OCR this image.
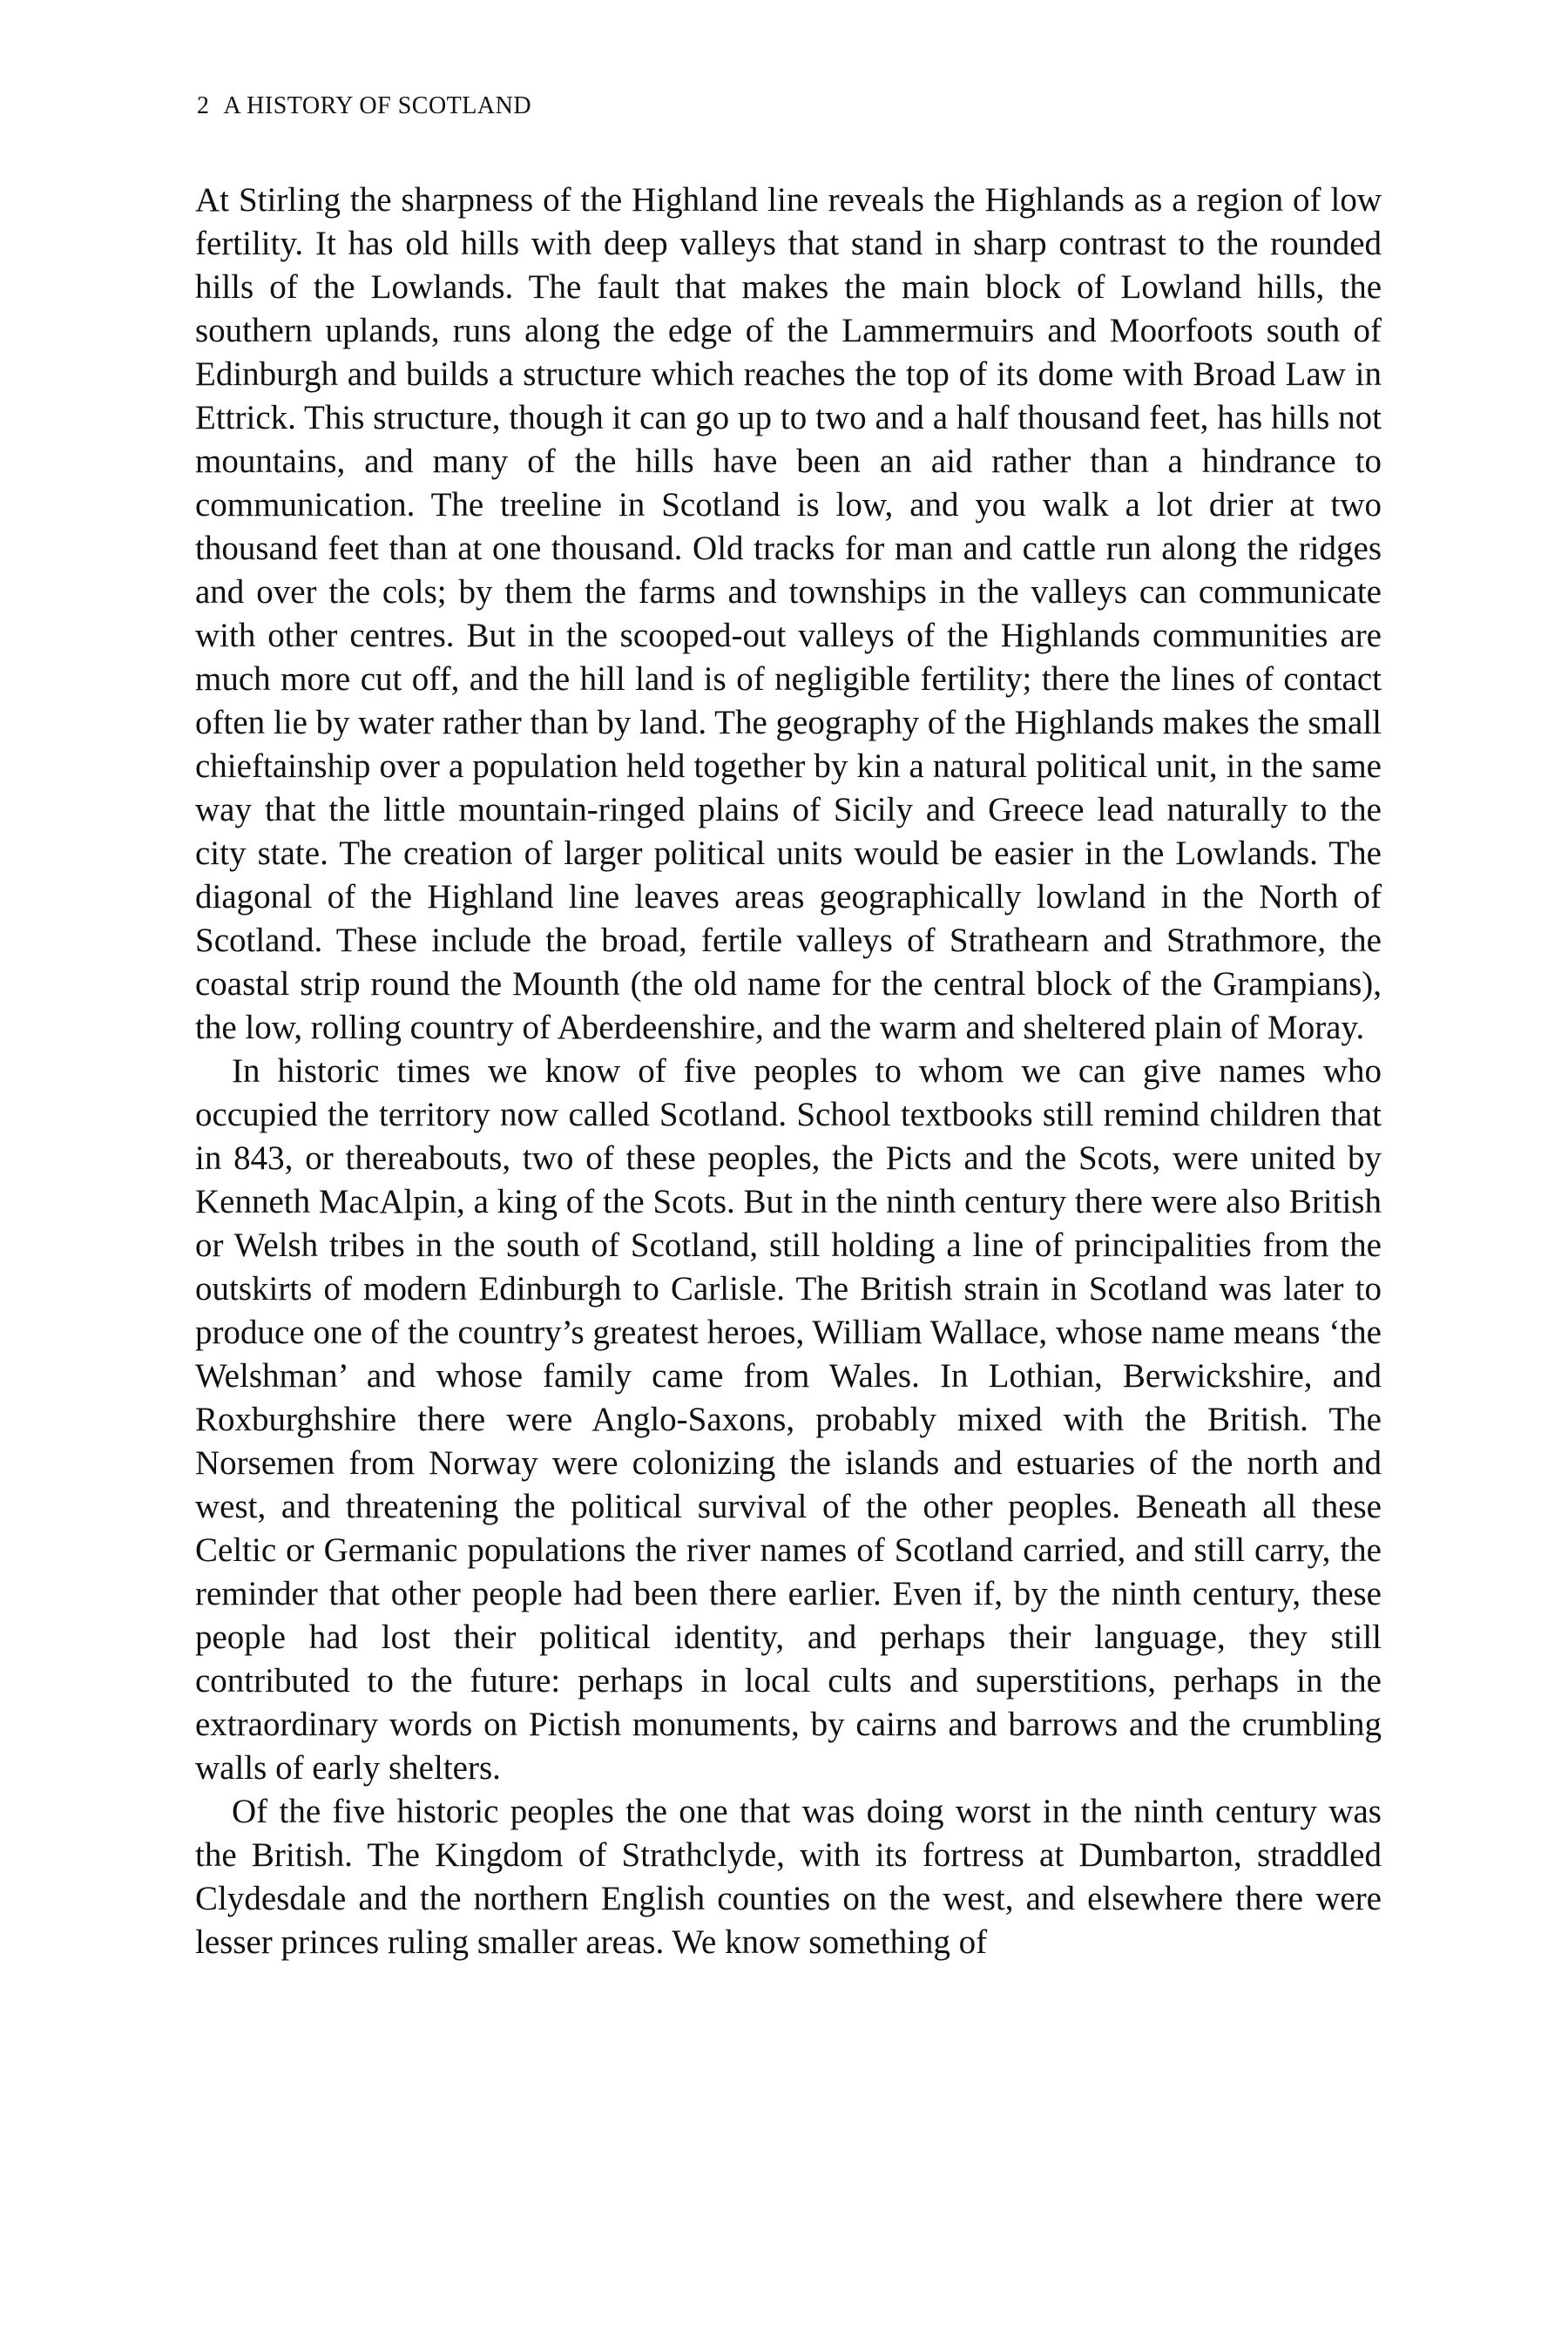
2 A HISTORY OF SCOTLAND

At Stirling the sharpness of the Highland line reveals the Highlands as a region of low fertility. It has old hills with deep valleys that stand in sharp contrast to the rounded hills of the Lowlands. The fault that makes the main block of Lowland hills, the southern uplands, runs along the edge of the Lammermuirs and Moorfoots south of Edinburgh and builds a structure which reaches the top of its dome with Broad Law in Ettrick. This structure, though it can go up to two and a half thousand feet, has hills not mountains, and many of the hills have been an aid rather than a hindrance to communication. The treeline in Scotland is low, and you walk a lot drier at two thousand feet than at one thousand. Old tracks for man and cattle run along the ridges and over the cols; by them the farms and townships in the valleys can communicate with other centres. But in the scooped-out valleys of the Highlands communities are much more cut off, and the hill land is of negligible fertility; there the lines of contact often lie by water rather than by land. The geography of the Highlands makes the small chieftainship over a population held together by kin a natural political unit, in the same way that the little mountain-ringed plains of Sicily and Greece lead naturally to the city state. The creation of larger political units would be easier in the Lowlands. The diagonal of the Highland line leaves areas geographically lowland in the North of Scotland. These include the broad, fertile valleys of Strathearn and Strathmore, the coastal strip round the Mounth (the old name for the central block of the Grampians), the low, rolling country of Aberdeenshire, and the warm and sheltered plain of Moray.

In historic times we know of five peoples to whom we can give names who occupied the territory now called Scotland. School textbooks still remind children that in 843, or thereabouts, two of these peoples, the Picts and the Scots, were united by Kenneth MacAlpin, a king of the Scots. But in the ninth century there were also British or Welsh tribes in the south of Scotland, still holding a line of principalities from the outskirts of modern Edinburgh to Carlisle. The British strain in Scotland was later to produce one of the country’s greatest heroes, William Wallace, whose name means ‘the Welshman’ and whose family came from Wales. In Lothian, Berwickshire, and Roxburghshire there were Anglo-Saxons, probably mixed with the British. The Norsemen from Norway were colonizing the islands and estuaries of the north and west, and threatening the political survival of the other peoples. Beneath all these Celtic or Germanic populations the river names of Scotland carried, and still carry, the reminder that other people had been there earlier. Even if, by the ninth century, these people had lost their political identity, and perhaps their language, they still contributed to the future: perhaps in local cults and superstitions, perhaps in the extraordinary words on Pictish monuments, by cairns and barrows and the crumbling walls of early shelters.

Of the five historic peoples the one that was doing worst in the ninth century was the British. The Kingdom of Strathclyde, with its fortress at Dumbarton, straddled Clydesdale and the northern English counties on the west, and elsewhere there were lesser princes ruling smaller areas. We know something of
